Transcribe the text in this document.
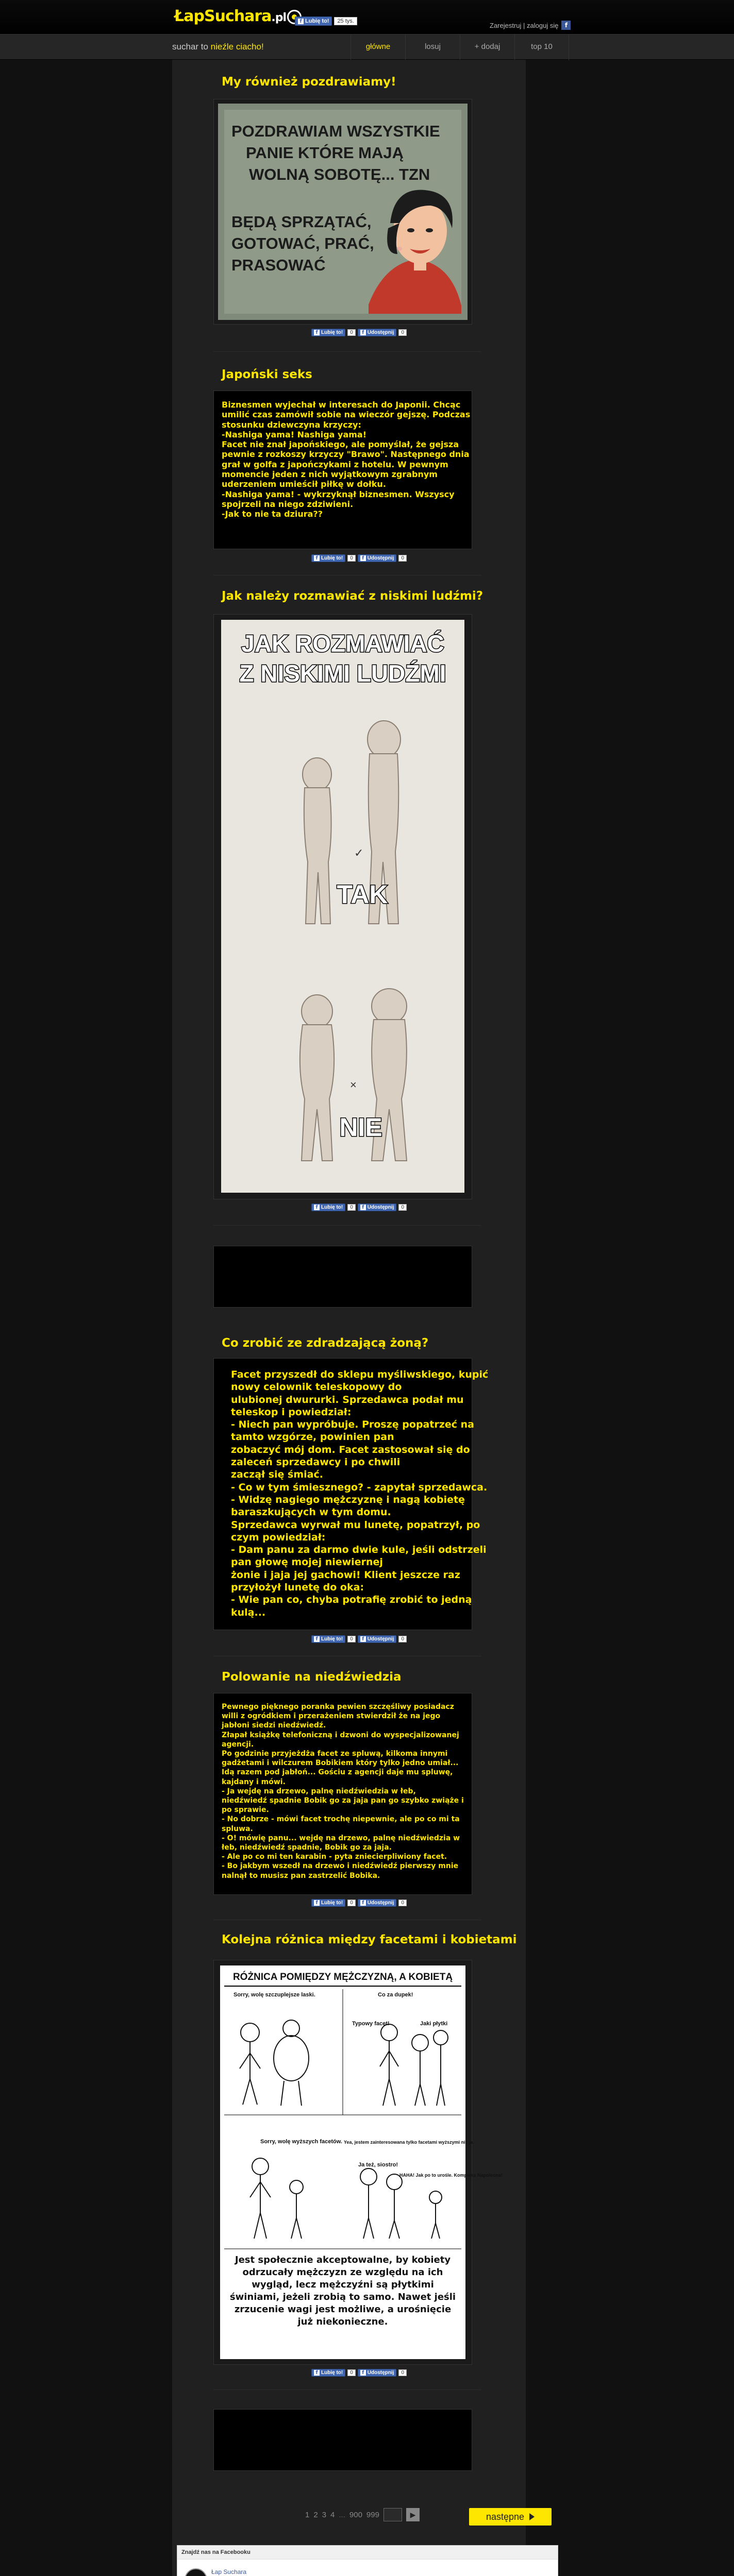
ŁapSuchara.pl	f Lubię to!	25 tys.
Zarejestruj | zaloguj się	f
suchar to nieźle ciacho!	główne	losuj	+ dodaj	top 10
My również pozdrawiamy!
POZDRAWIAM WSZYSTKIE
PANIE KTÓRE MAJĄ
WOLNĄ SOBOTĘ... TZN
BĘDĄ SPRZĄTAĆ,
GOTOWAĆ, PRAĆ,
PRASOWAĆ
f Lubię to!	0	f Udostępnij	0
Japoński seks
Biznesmen wyjechał w interesach do Japonii. Chcąc
umilić czas zamówił sobie na wieczór gejszę. Podczas
stosunku dziewczyna krzyczy:
-Nashiga yama! Nashiga yama!
Facet nie znał japońskiego, ale pomyślał, że gejsza
pewnie z rozkoszy krzyczy "Brawo". Następnego dnia
grał w golfa z japończykami z hotelu. W pewnym
momencie jeden z nich wyjątkowym zgrabnym
uderzeniem umieścił piłkę w dołku.
-Nashiga yama! - wykrzyknął biznesmen. Wszyscy
spojrzeli na niego zdziwieni.
-Jak to nie ta dziura??
f Lubię to!	0	f Udostępnij	0
Jak należy rozmawiać z niskimi ludźmi?
JAK ROZMAWIAĆ
Z NISKIMI LUDŹMI
✓
×
TAK
NIE
f Lubię to!	0	f Udostępnij	0
Co zrobić ze zdradzającą żoną?
Facet przyszedł do sklepu myśliwskiego, kupić
nowy celownik teleskopowy do
ulubionej dwururki. Sprzedawca podał mu
teleskop i powiedział:
- Niech pan wypróbuje. Proszę popatrzeć na
tamto wzgórze, powinien pan
zobaczyć mój dom. Facet zastosował się do
zaleceń sprzedawcy i po chwili
zaczął się śmiać.
- Co w tym śmiesznego? - zapytał sprzedawca.
- Widzę nagiego mężczyznę i nagą kobietę
baraszkujących w tym domu.
Sprzedawca wyrwał mu lunetę, popatrzył, po
czym powiedział:
- Dam panu za darmo dwie kule, jeśli odstrzeli
pan głowę mojej niewiernej
żonie i jaja jej gachowi! Klient jeszcze raz
przyłożył lunetę do oka:
- Wie pan co, chyba potrafię zrobić to jedną
kulą...
f Lubię to!	0	f Udostępnij	0
Polowanie na niedźwiedzia
Pewnego pięknego poranka pewien szczęśliwy posiadacz
willi z ogródkiem i przerażeniem stwierdził że na jego
jabłoni siedzi niedźwiedź.
Złapał książkę telefoniczną i dzwoni do wyspecjalizowanej
agencji.
Po godzinie przyjeżdża facet ze spluwą, kilkoma innymi
gadżetami i wilczurem Bobikiem który tylko jedno umiał...
Idą razem pod jabłoń... Gościu z agencji daje mu spluwę,
kajdany i mówi.
- Ja wejdę na drzewo, palnę niedźwiedzia w łeb,
niedźwiedź spadnie Bobik go za jaja pan go szybko zwiąże i
po sprawie.
- No dobrze - mówi facet trochę niepewnie, ale po co mi ta
spluwa.
- O! mówię panu... wejdę na drzewo, palnę niedźwiedzia w
łeb, niedźwiedź spadnie, Bobik go za jaja.
- Ale po co mi ten karabin - pyta zniecierpliwiony facet.
- Bo jakbym wszedł na drzewo i niedźwiedź pierwszy mnie
nalnął to musisz pan zastrzelić Bobika.
f Lubię to!	0	f Udostępnij	0
Kolejna różnica między facetami i kobietami
RÓŻNICA POMIĘDZY MĘŻCZYZNĄ, A KOBIETĄ
Sorry, wolę szczuplejsze laski.	Co za dupek!
Typowy facet!	Jaki płytki
Sorry, wolę wyższych facetów. Yea, jestem zainteresowana tylko facetami wyższymi niż ja.
Ja też, siostro!
HAHA! Jak po to urośle. Kompleks Napoleona!
Jest społecznie akceptowalne, by kobiety odrzucały mężczyzn ze względu na ich wygląd, lecz mężczyźni są płytkimi świniami, jeżeli zrobią to samo. Nawet jeśli zrzucenie wagi jest możliwe, a urośnięcie już niekonieczne.
f Lubię to!	0	f Udostępnij	0
1 2 3 4 ... 900 999	▶	następne
Znajdź nas na Facebooku
Łap Suchara
